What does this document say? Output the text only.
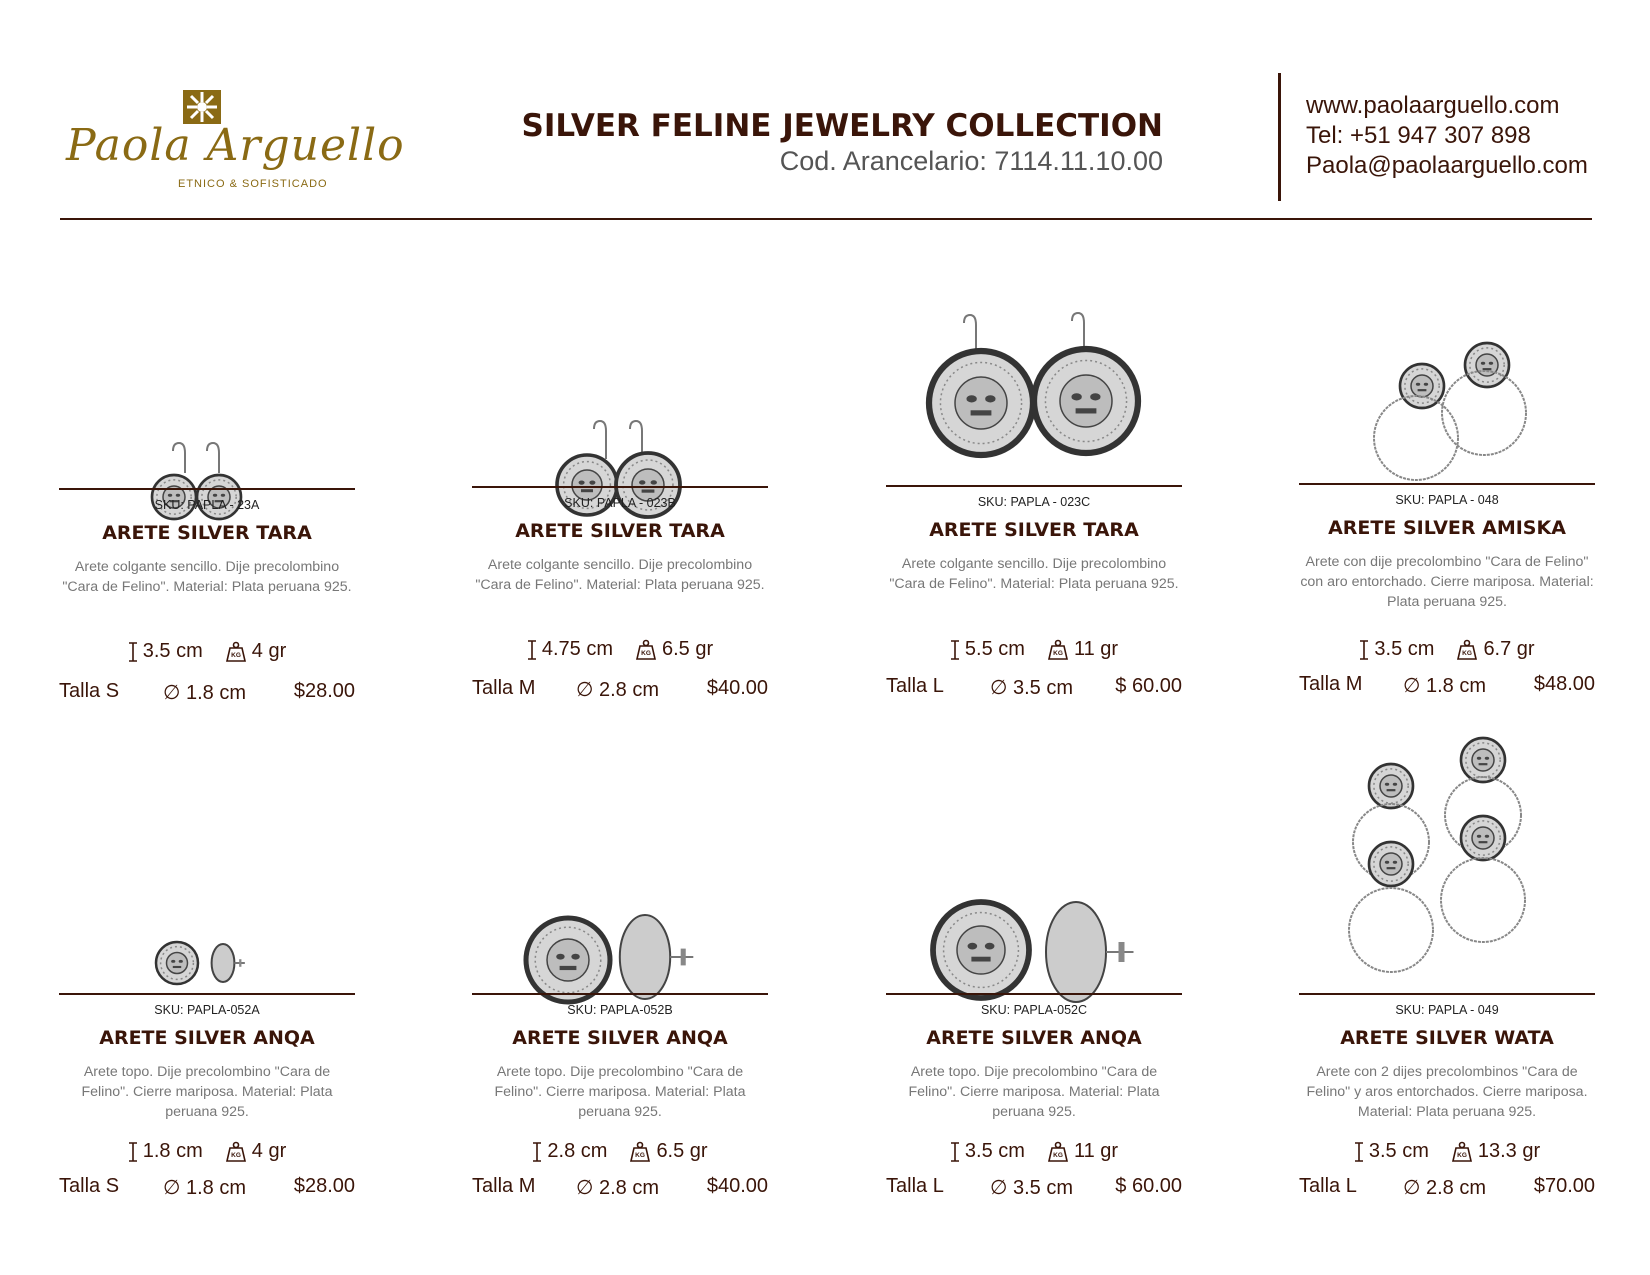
Paola Arguello
ETNICO & SOFISTICADO
SILVER FELINE JEWELRY COLLECTION
Cod. Arancelario: 7114.11.10.00
www.paolaarguello.com
Tel: +51 947 307 898
Paola@paolaarguello.com
SKU: PAPLA - 23A
ARETE SILVER TARA
Arete colgante sencillo. Dije precolombino "Cara de Felino". Material: Plata peruana 925.
3.5 cm	KG 4 gr
Talla S ∅ 1.8 cm $28.00
SKU: PAPLA - 023B
ARETE SILVER TARA
Arete colgante sencillo. Dije precolombino "Cara de Felino". Material: Plata peruana 925.
4.75 cm	KG 6.5 gr
Talla M ∅ 2.8 cm $40.00
SKU: PAPLA - 023C
ARETE SILVER TARA
Arete colgante sencillo. Dije precolombino "Cara de Felino". Material: Plata peruana 925.
5.5 cm	KG 11 gr
Talla L ∅ 3.5 cm $ 60.00
SKU: PAPLA - 048
ARETE SILVER AMISKA
Arete con dije precolombino "Cara de Felino" con aro entorchado. Cierre mariposa. Material: Plata peruana 925.
3.5 cm	KG 6.7 gr
Talla M ∅ 1.8 cm $48.00
SKU: PAPLA-052A
ARETE SILVER ANQA
Arete topo. Dije precolombino "Cara de Felino". Cierre mariposa. Material: Plata peruana 925.
1.8 cm	KG 4 gr
Talla S ∅ 1.8 cm $28.00
SKU: PAPLA-052B
ARETE SILVER ANQA
Arete topo. Dije precolombino "Cara de Felino". Cierre mariposa. Material: Plata peruana 925.
2.8 cm	KG 6.5 gr
Talla M ∅ 2.8 cm $40.00
SKU: PAPLA-052C
ARETE SILVER ANQA
Arete topo. Dije precolombino "Cara de Felino". Cierre mariposa. Material: Plata peruana 925.
3.5 cm	KG 11 gr
Talla L ∅ 3.5 cm $ 60.00
SKU: PAPLA - 049
ARETE SILVER WATA
Arete con 2 dijes precolombinos "Cara de Felino" y aros entorchados. Cierre mariposa. Material: Plata peruana 925.
3.5 cm	KG 13.3 gr
Talla L ∅ 2.8 cm $70.00
